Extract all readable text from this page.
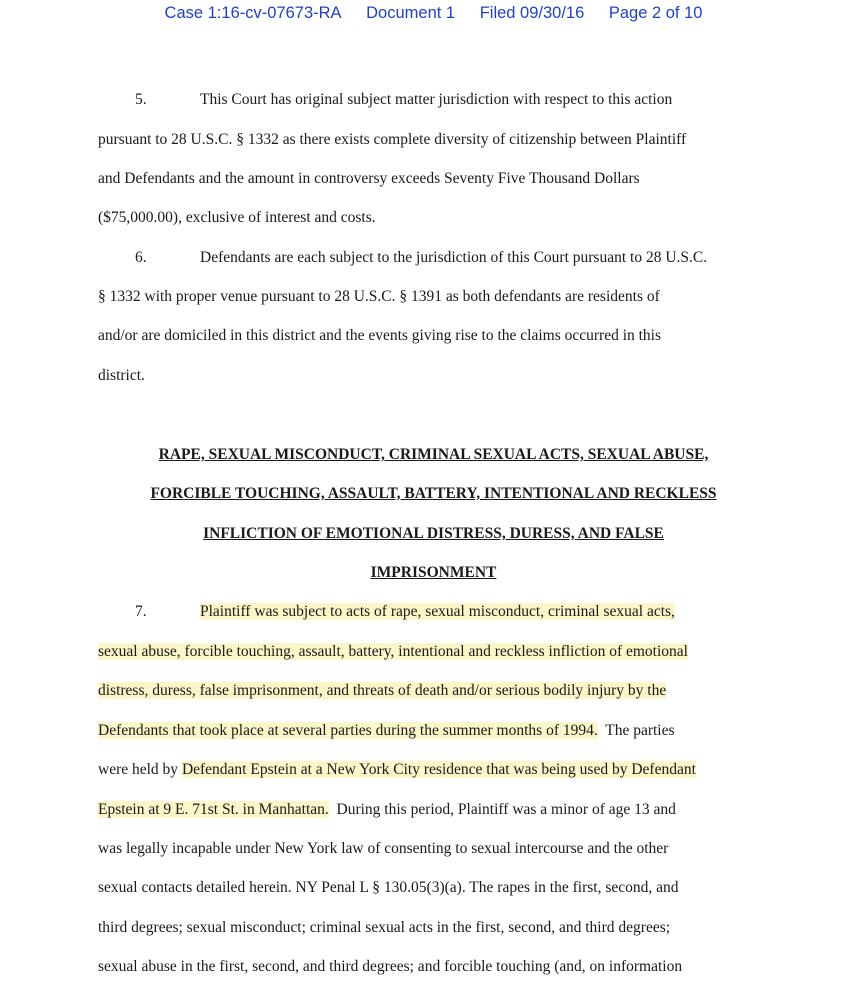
Case 1:16-cv-07673-RA Document 1 Filed 09/30/16 Page 2 of 10
5.	This Court has original subject matter jurisdiction with respect to this action
pursuant to 28 U.S.C. § 1332 as there exists complete diversity of citizenship between Plaintiff
and Defendants and the amount in controversy exceeds Seventy Five Thousand Dollars
($75,000.00), exclusive of interest and costs.
6.	Defendants are each subject to the jurisdiction of this Court pursuant to 28 U.S.C.
§ 1332 with proper venue pursuant to 28 U.S.C. § 1391 as both defendants are residents of
and/or are domiciled in this district and the events giving rise to the claims occurred in this
district.
RAPE, SEXUAL MISCONDUCT, CRIMINAL SEXUAL ACTS, SEXUAL ABUSE,
FORCIBLE TOUCHING, ASSAULT, BATTERY, INTENTIONAL AND RECKLESS
INFLICTION OF EMOTIONAL DISTRESS, DURESS, AND FALSE
IMPRISONMENT
7.	Plaintiff was subject to acts of rape, sexual misconduct, criminal sexual acts,
sexual abuse, forcible touching, assault, battery, intentional and reckless infliction of emotional
distress, duress, false imprisonment, and threats of death and/or serious bodily injury by the
Defendants that took place at several parties during the summer months of 1994.  The parties
were held by Defendant Epstein at a New York City residence that was being used by Defendant
Epstein at 9 E. 71st St. in Manhattan.  During this period, Plaintiff was a minor of age 13 and
was legally incapable under New York law of consenting to sexual intercourse and the other
sexual contacts detailed herein. NY Penal L § 130.05(3)(a). The rapes in the first, second, and
third degrees; sexual misconduct; criminal sexual acts in the first, second, and third degrees;
sexual abuse in the first, second, and third degrees; and forcible touching (and, on information
